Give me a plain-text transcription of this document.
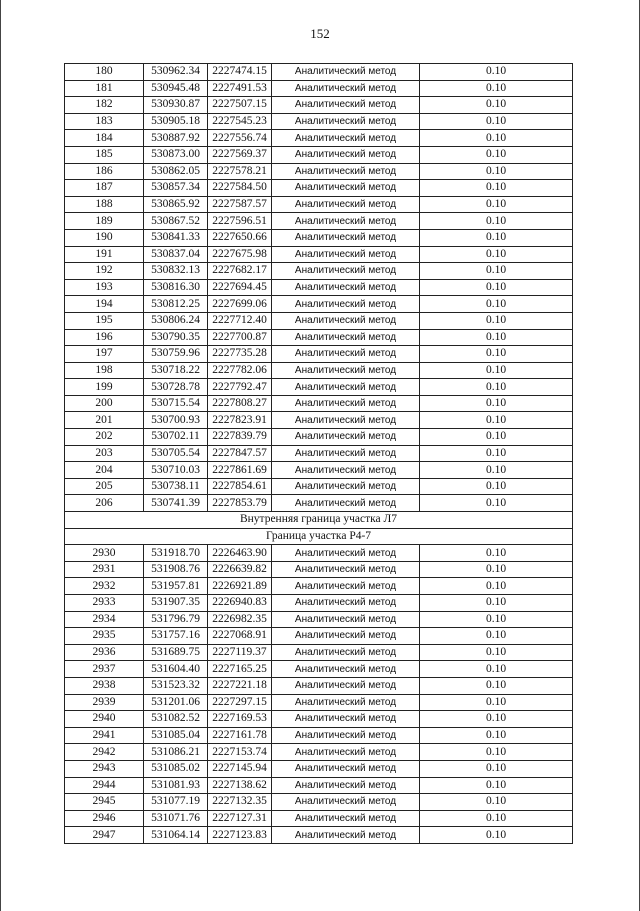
152
180	530962.34	2227474.15	Аналитический метод	0.10
181	530945.48	2227491.53	Аналитический метод	0.10
182	530930.87	2227507.15	Аналитический метод	0.10
183	530905.18	2227545.23	Аналитический метод	0.10
184	530887.92	2227556.74	Аналитический метод	0.10
185	530873.00	2227569.37	Аналитический метод	0.10
186	530862.05	2227578.21	Аналитический метод	0.10
187	530857.34	2227584.50	Аналитический метод	0.10
188	530865.92	2227587.57	Аналитический метод	0.10
189	530867.52	2227596.51	Аналитический метод	0.10
190	530841.33	2227650.66	Аналитический метод	0.10
191	530837.04	2227675.98	Аналитический метод	0.10
192	530832.13	2227682.17	Аналитический метод	0.10
193	530816.30	2227694.45	Аналитический метод	0.10
194	530812.25	2227699.06	Аналитический метод	0.10
195	530806.24	2227712.40	Аналитический метод	0.10
196	530790.35	2227700.87	Аналитический метод	0.10
197	530759.96	2227735.28	Аналитический метод	0.10
198	530718.22	2227782.06	Аналитический метод	0.10
199	530728.78	2227792.47	Аналитический метод	0.10
200	530715.54	2227808.27	Аналитический метод	0.10
201	530700.93	2227823.91	Аналитический метод	0.10
202	530702.11	2227839.79	Аналитический метод	0.10
203	530705.54	2227847.57	Аналитический метод	0.10
204	530710.03	2227861.69	Аналитический метод	0.10
205	530738.11	2227854.61	Аналитический метод	0.10
206	530741.39	2227853.79	Аналитический метод	0.10
Внутренняя граница участка Л7				
Граница участка Р4-7				
2930	531918.70	2226463.90	Аналитический метод	0.10
2931	531908.76	2226639.82	Аналитический метод	0.10
2932	531957.81	2226921.89	Аналитический метод	0.10
2933	531907.35	2226940.83	Аналитический метод	0.10
2934	531796.79	2226982.35	Аналитический метод	0.10
2935	531757.16	2227068.91	Аналитический метод	0.10
2936	531689.75	2227119.37	Аналитический метод	0.10
2937	531604.40	2227165.25	Аналитический метод	0.10
2938	531523.32	2227221.18	Аналитический метод	0.10
2939	531201.06	2227297.15	Аналитический метод	0.10
2940	531082.52	2227169.53	Аналитический метод	0.10
2941	531085.04	2227161.78	Аналитический метод	0.10
2942	531086.21	2227153.74	Аналитический метод	0.10
2943	531085.02	2227145.94	Аналитический метод	0.10
2944	531081.93	2227138.62	Аналитический метод	0.10
2945	531077.19	2227132.35	Аналитический метод	0.10
2946	531071.76	2227127.31	Аналитический метод	0.10
2947	531064.14	2227123.83	Аналитический метод	0.10
